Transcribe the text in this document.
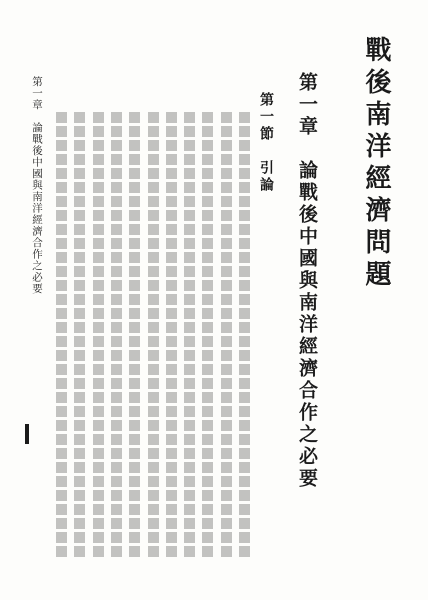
戰後南洋經濟問題
第一章　論戰後中國與南洋經濟合作之必要
第一節　引論
第一章　論戰後中國與南洋經濟合作之必要
